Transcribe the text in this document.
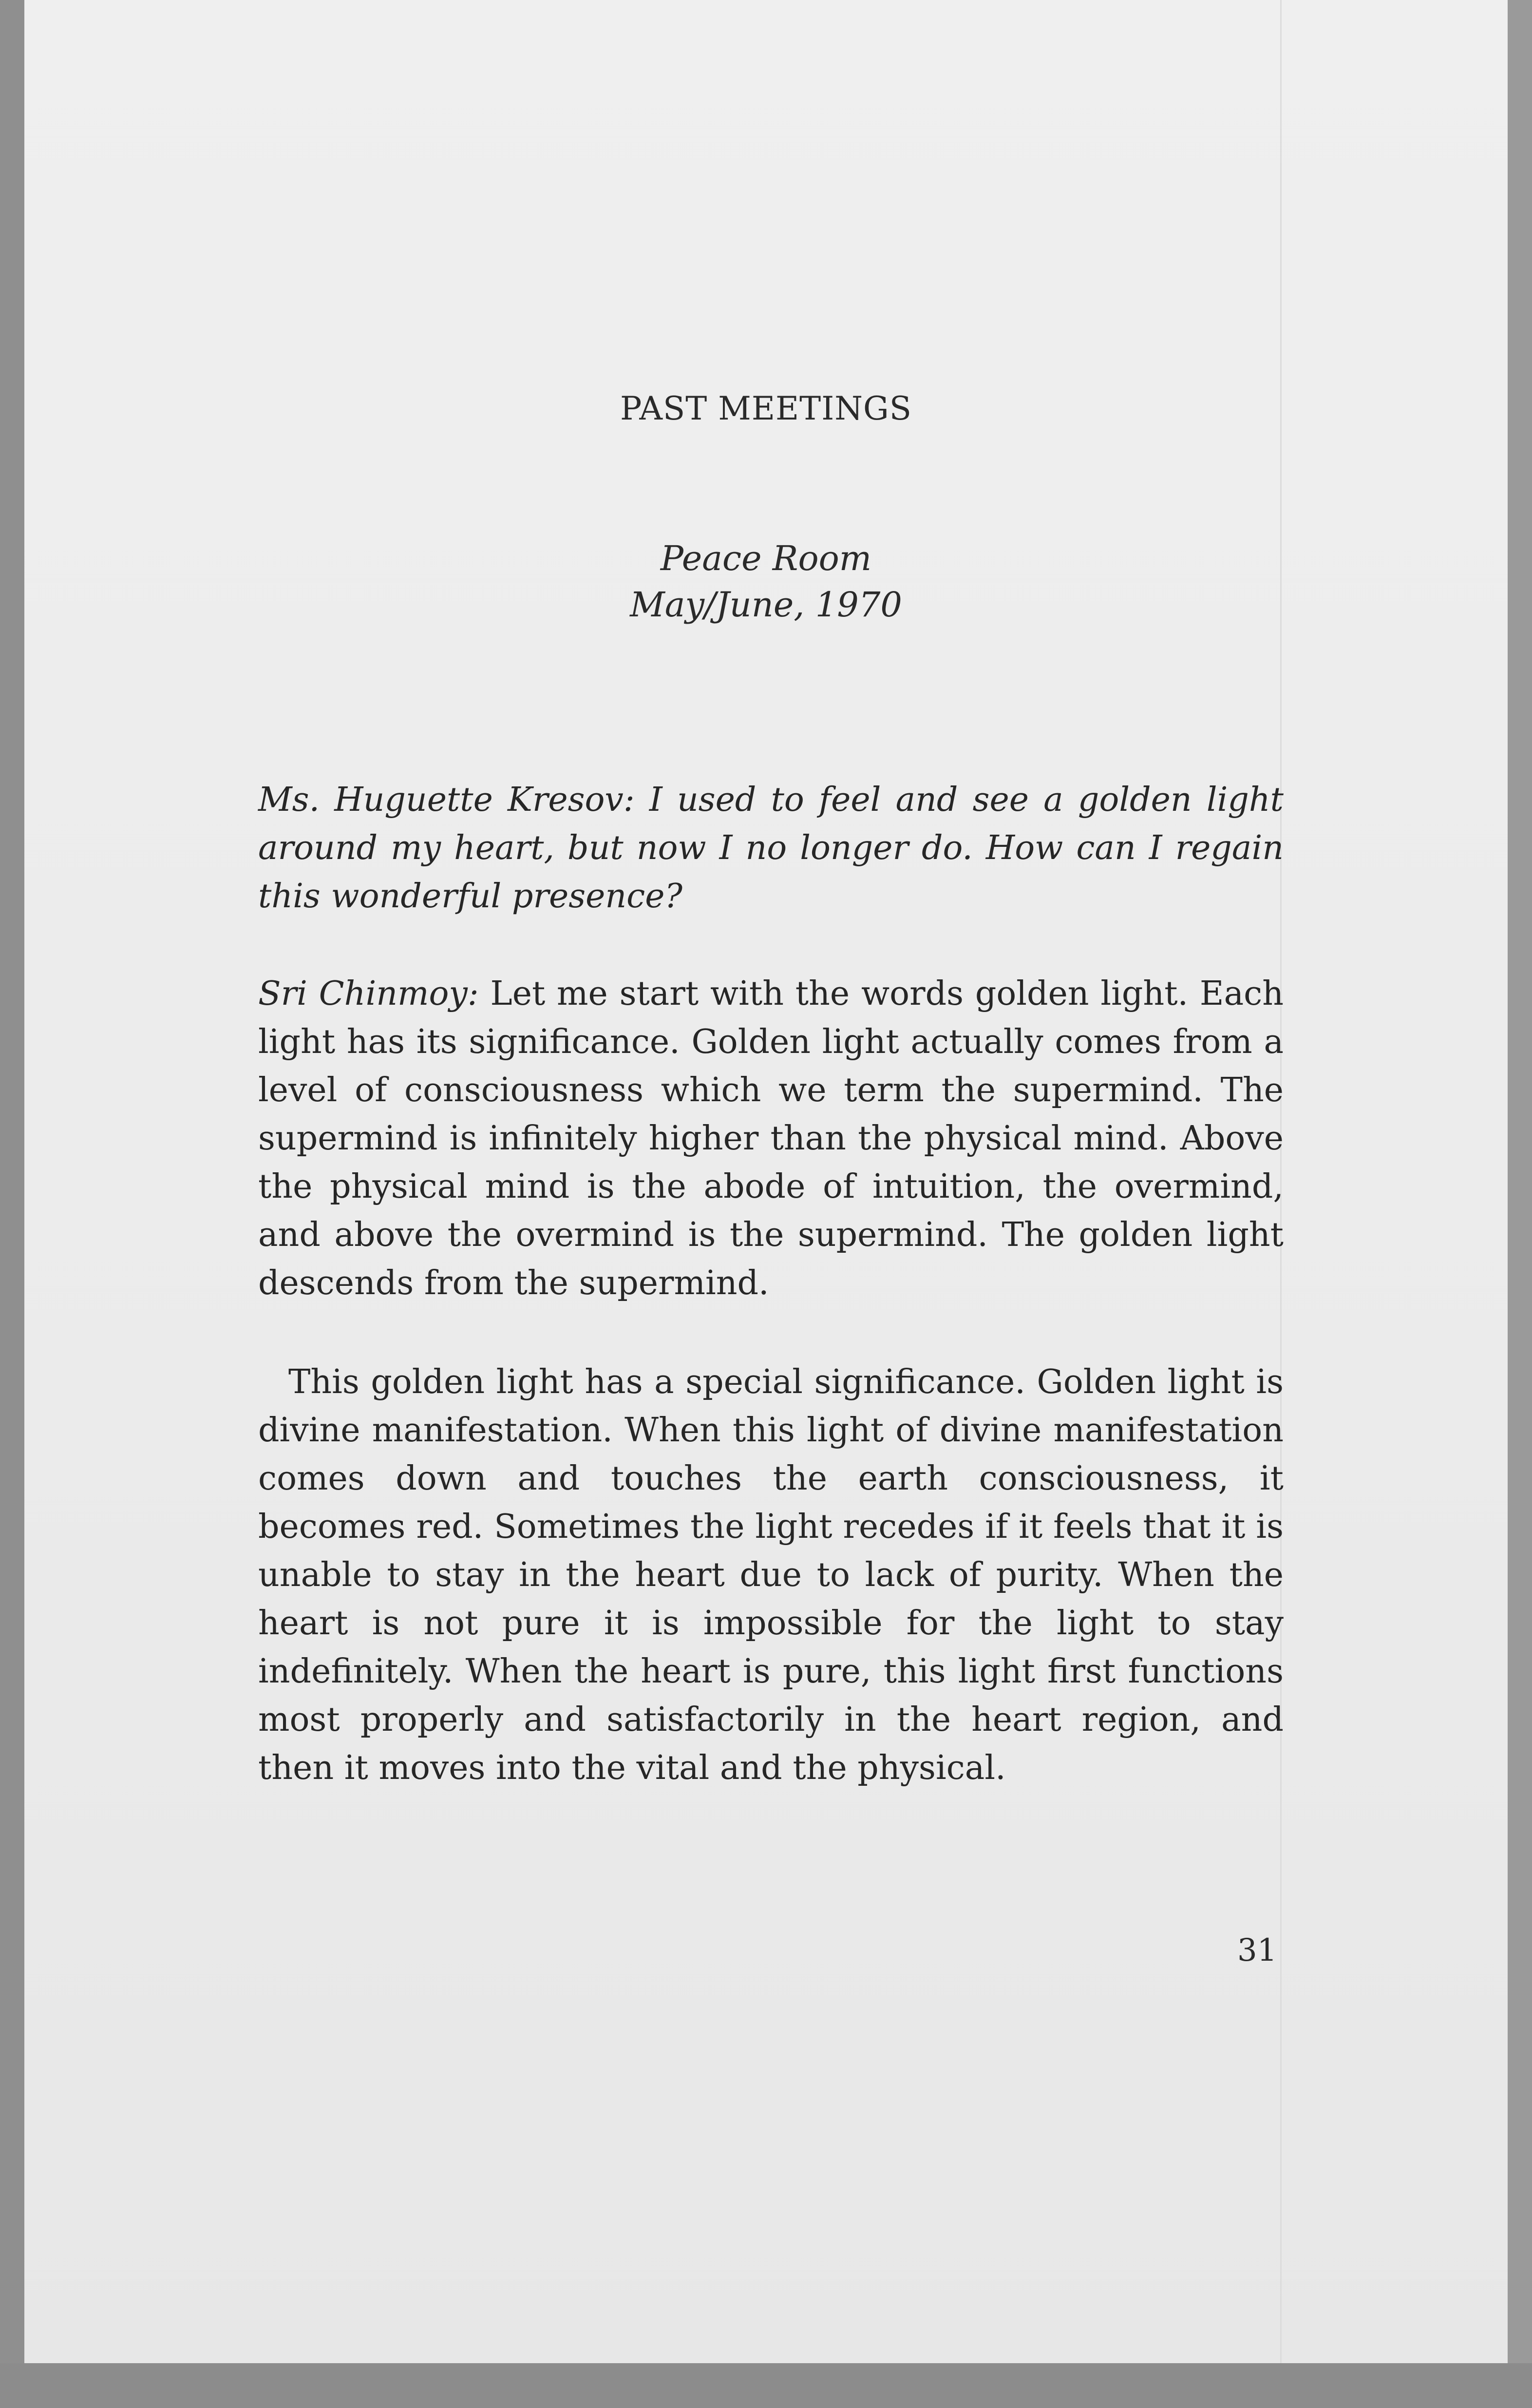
PAST MEETINGS
Peace Room
May/June, 1970

Ms. Huguette Kresov: I used to feel and see a golden light around my heart, but now I no longer do. How can I regain this wonderful presence?

Sri Chinmoy: Let me start with the words golden light. Each light has its significance. Golden light actually comes from a level of consciousness which we term the supermind. The supermind is infinitely higher than the physical mind. Above the physical mind is the abode of intuition, the overmind, and above the overmind is the supermind. The golden light descends from the supermind.

This golden light has a special significance. Golden light is divine manifestation. When this light of divine manifestation comes down and touches the earth consciousness, it becomes red. Sometimes the light recedes if it feels that it is unable to stay in the heart due to lack of purity. When the heart is not pure it is impossible for the light to stay indefinitely. When the heart is pure, this light first functions most properly and satisfactorily in the heart region, and then it moves into the vital and the physical.

31
